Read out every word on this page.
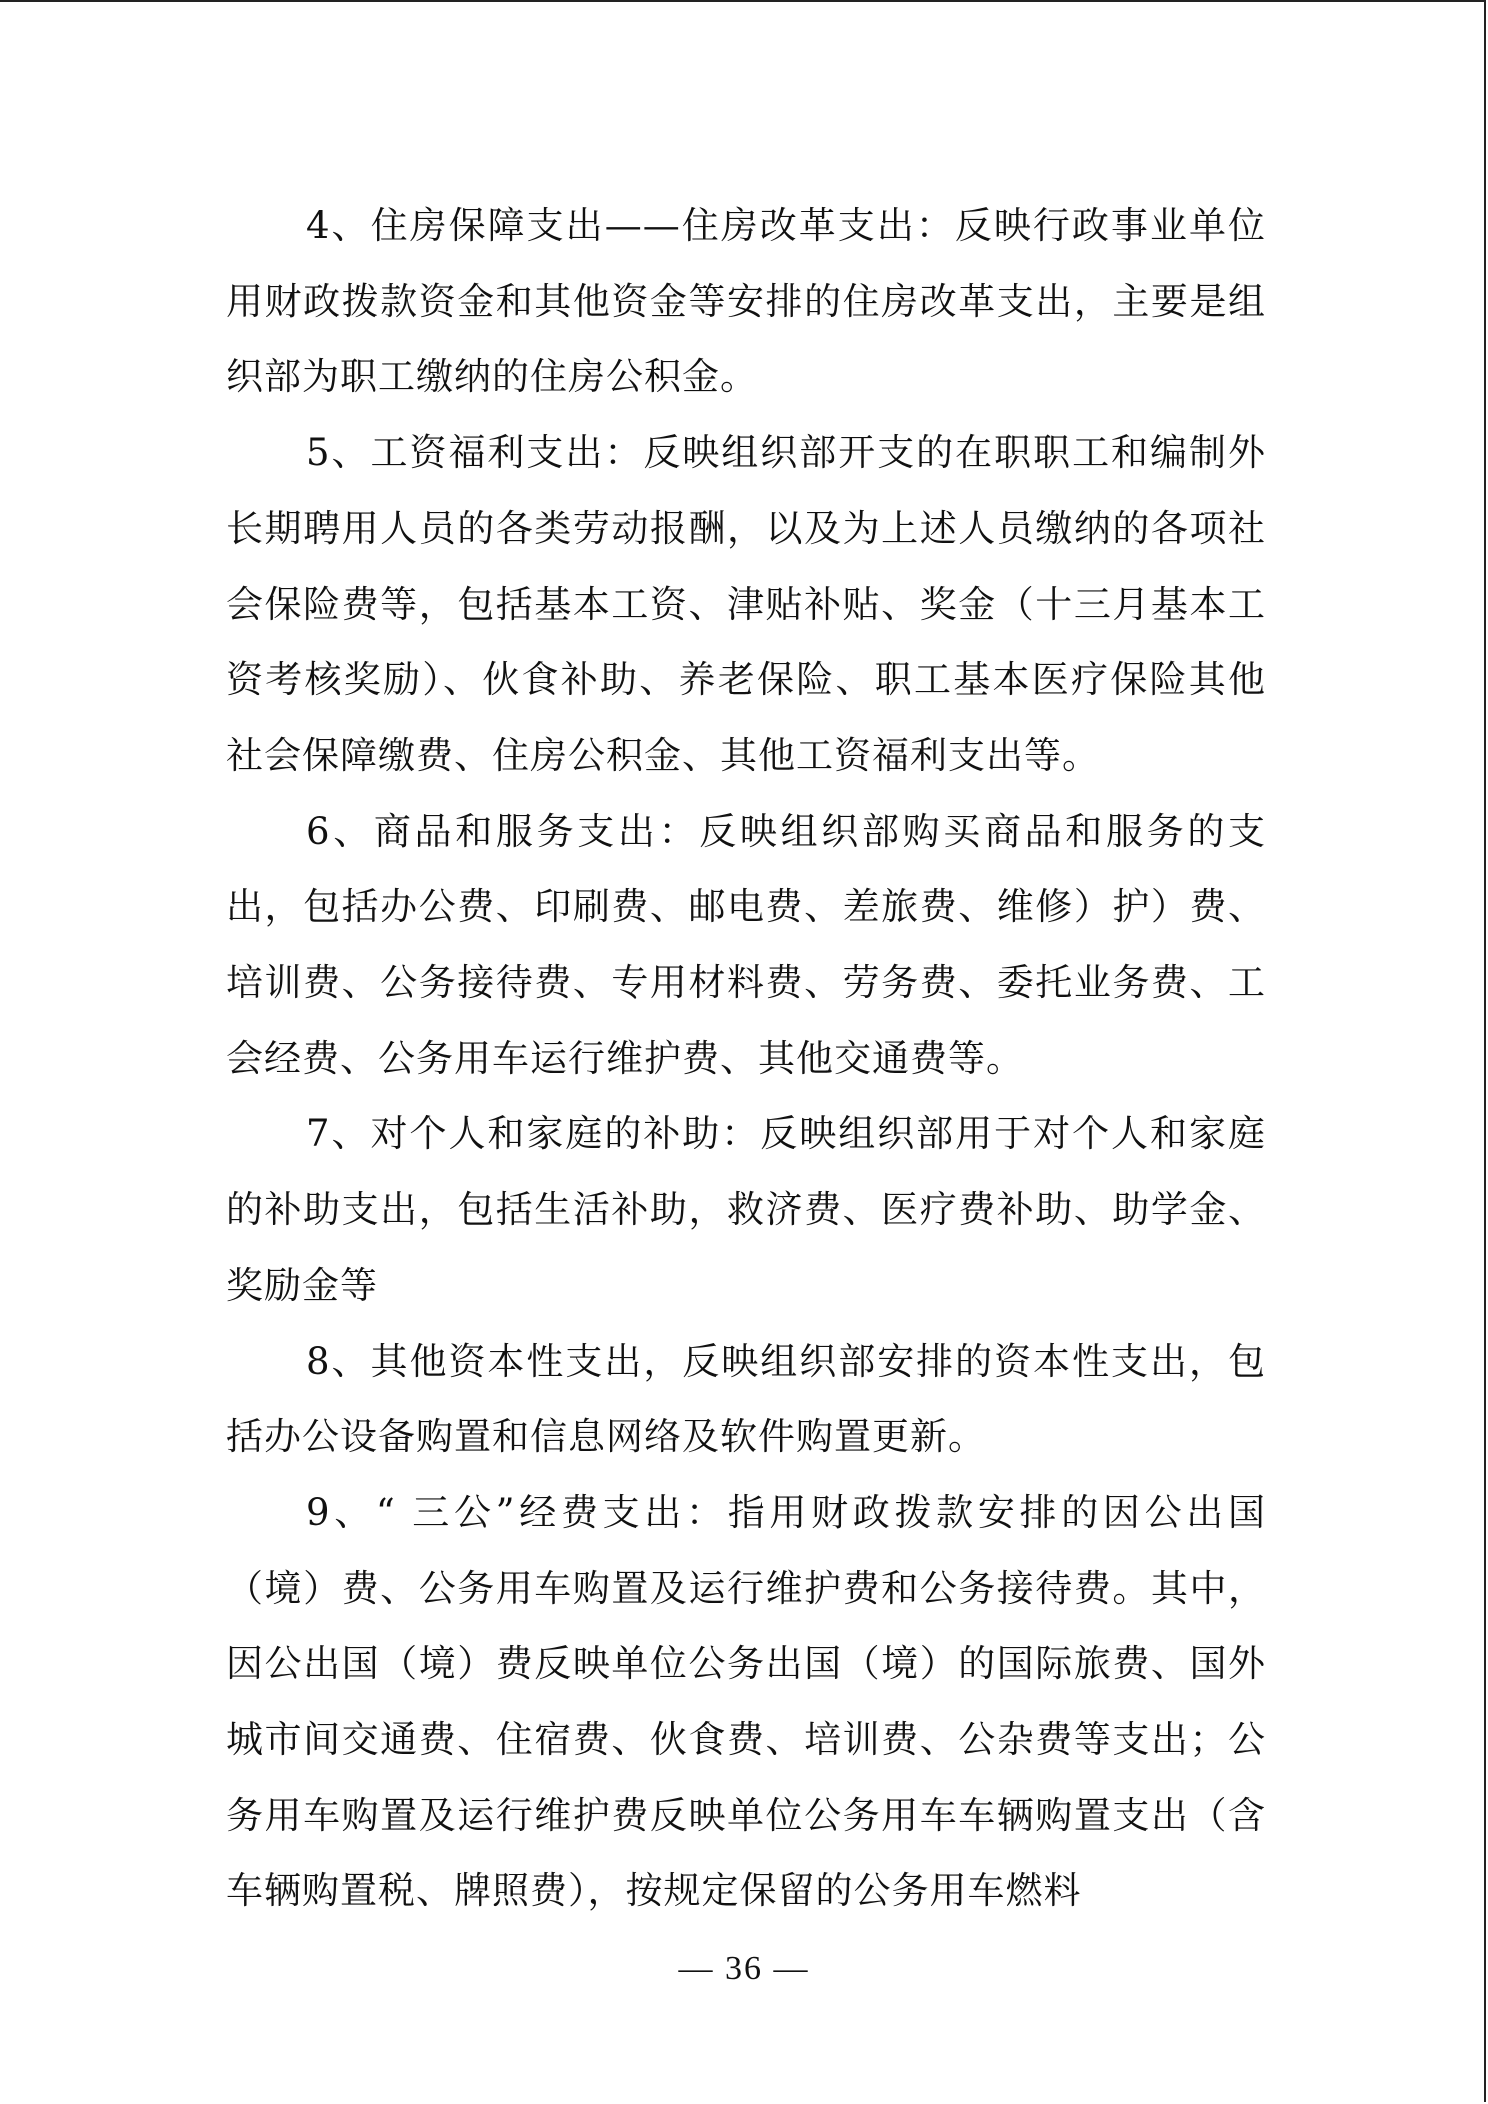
4、住房保障支出——住房改革支出：反映行政事业单位用财政拨款资金和其他资金等安排的住房改革支出，主要是组织部为职工缴纳的住房公积金。

5、工资福利支出：反映组织部开支的在职职工和编制外长期聘用人员的各类劳动报酬，以及为上述人员缴纳的各项社会保险费等，包括基本工资、津贴补贴、奖金（十三月基本工资考核奖励）、伙食补助、养老保险、职工基本医疗保险其他社会保障缴费、住房公积金、其他工资福利支出等。

6、商品和服务支出：反映组织部购买商品和服务的支出，包括办公费、印刷费、邮电费、差旅费、维修）护）费、培训费、公务接待费、专用材料费、劳务费、委托业务费、工会经费、公务用车运行维护费、其他交通费等。

7、对个人和家庭的补助：反映组织部用于对个人和家庭的补助支出，包括生活补助，救济费、医疗费补助、助学金、奖励金等

8、其他资本性支出，反映组织部安排的资本性支出，包括办公设备购置和信息网络及软件购置更新。

9、“ 三公”经费支出：指用财政拨款安排的因公出国（境）费、公务用车购置及运行维护费和公务接待费。其中，因公出国（境）费反映单位公务出国（境）的国际旅费、国外城市间交通费、住宿费、伙食费、培训费、公杂费等支出；公务用车购置及运行维护费反映单位公务用车车辆购置支出（含车辆购置税、牌照费），按规定保留的公务用车燃料

— 36 —
